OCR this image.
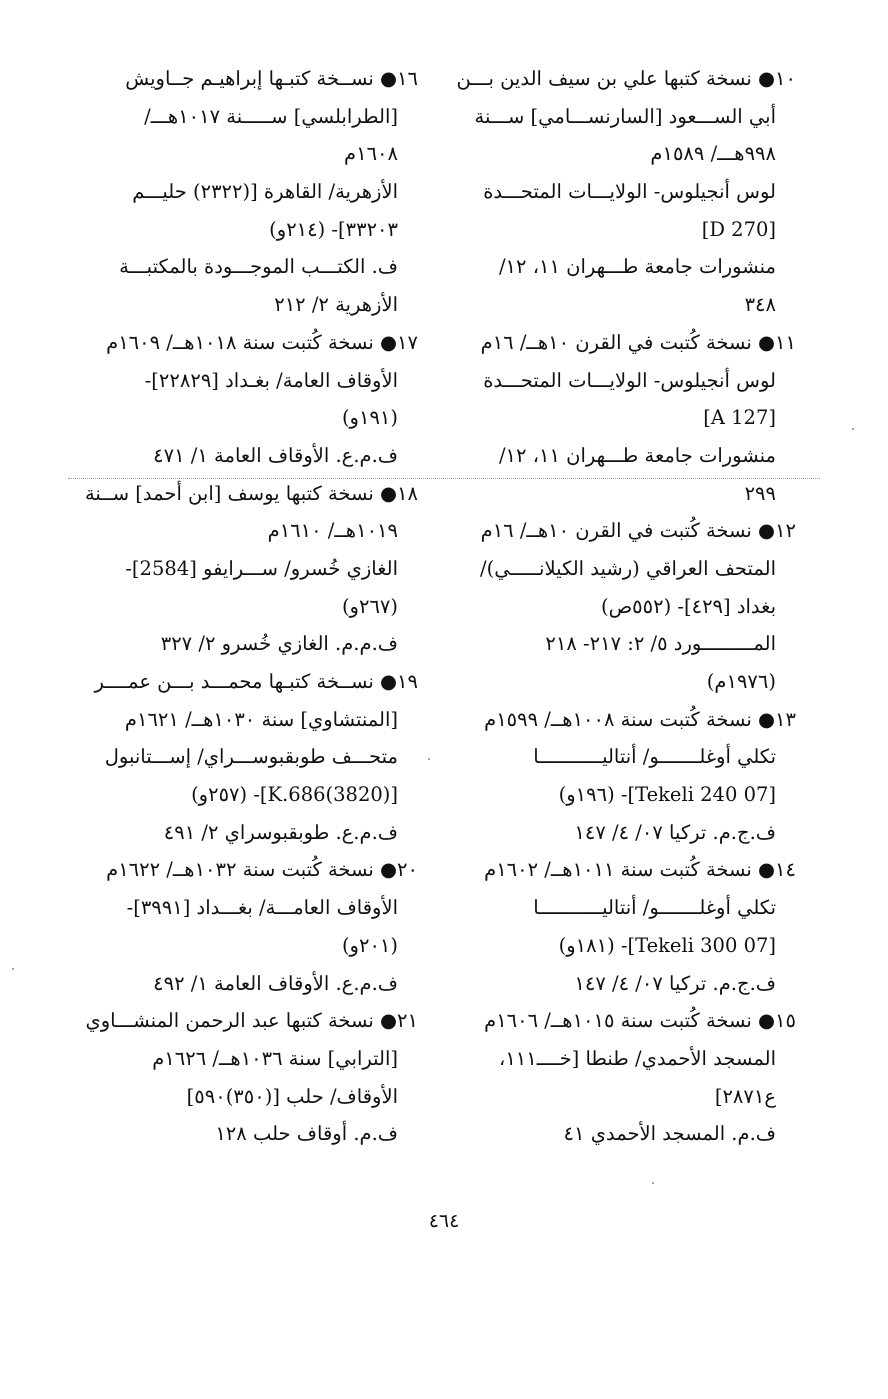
١٠● نسخة كتبها علي بن سيف الدين بـــن
أبي الســـعود [السارنســـامي] ســـنة
٩٩٨هـــ/ ١٥٨٩م
لوس أنجيلوس- الولايـــات المتحـــدة
[D 270]
منشورات جامعة طـــهران ١١، ١٢/
٣٤٨
١١● نسخة كُتبت في القرن ١٠هــ/ ١٦م
لوس أنجيلوس- الولايـــات المتحـــدة
[A 127]
منشورات جامعة طـــهران ١١، ١٢/
٢٩٩
١٢● نسخة كُتبت في القرن ١٠هــ/ ١٦م
المتحف العراقي (رشيد الكيلانـــــي)/
بغداد [٤٢٩]- (٥٥٢ص)
المـــــــــورد ٥/ ٢: ٢١٧- ٢١٨
(١٩٧٦م)
١٣● نسخة كُتبت سنة ١٠٠٨هــ/ ١٥٩٩م
تكلي أوغلـــــــو/ أنتاليـــــــــــا
[07 Tekeli 240]- (١٩٦و)
ف.ج.م. تركيا ٠٧/ ٤/ ١٤٧
١٤● نسخة كُتبت سنة ١٠١١هــ/ ١٦٠٢م
تكلي أوغلـــــــو/ أنتاليـــــــــــا
[07 Tekeli 300]- (١٨١و)
ف.ج.م. تركيا ٠٧/ ٤/ ١٤٧
١٥● نسخة كُتبت سنة ١٠١٥هــ/ ١٦٠٦م
المسجد الأحمدي/ طنطا [خــــ١١١،
ع٢٨٧١]
ف.م. المسجد الأحمدي ٤١
١٦● نســخة كتبـها إبراهيـم جــاويش
[الطرابلسي] ســـــنة ١٠١٧هـــ/
١٦٠٨م
الأزهرية/ القاهرة [(٢٣٢٢) حليـــم
٣٣٢٠٣]- (٢١٤و)
ف. الكتـــب الموجـــودة بالمكتبـــة
الأزهرية ٢/ ٢١٢
١٧● نسخة كُتبت سنة ١٠١٨هــ/ ١٦٠٩م
الأوقاف العامة/ بغـداد [٢٢٨٢٩]-
(١٩١و)
ف.م.ع. الأوقاف العامة ١/ ٤٧١
١٨● نسخة كتبها يوسف [ابن أحمد] ســنة
١٠١٩هــ/ ١٦١٠م
الغازي خُسرو/ ســـرايفو [2584]-
(٢٦٧و)
ف.م.م. الغازي خُسرو ٢/ ٣٢٧
١٩● نســخة كتبـها محمـــد بـــن عمــــر
[المنتشاوي] سنة ١٠٣٠هــ/ ١٦٢١م
متحـــف طوبقبوســـراي/ إســـتانبول
[(3820)K.686]- (٢٥٧و)
ف.م.ع. طوبقبوسراي ٢/ ٤٩١
٢٠● نسخة كُتبت سنة ١٠٣٢هــ/ ١٦٢٢م
الأوقاف العامـــة/ بغـــداد [٣٩٩١]-
(٢٠١و)
ف.م.ع. الأوقاف العامة ١/ ٤٩٢
٢١● نسخة كتبها عبد الرحمن المنشـــاوي
[الترابي] سنة ١٠٣٦هــ/ ١٦٢٦م
الأوقاف/ حلب [(٣٥٠)٥٩٠]
ف.م. أوقاف حلب ١٢٨
٤٦٤
